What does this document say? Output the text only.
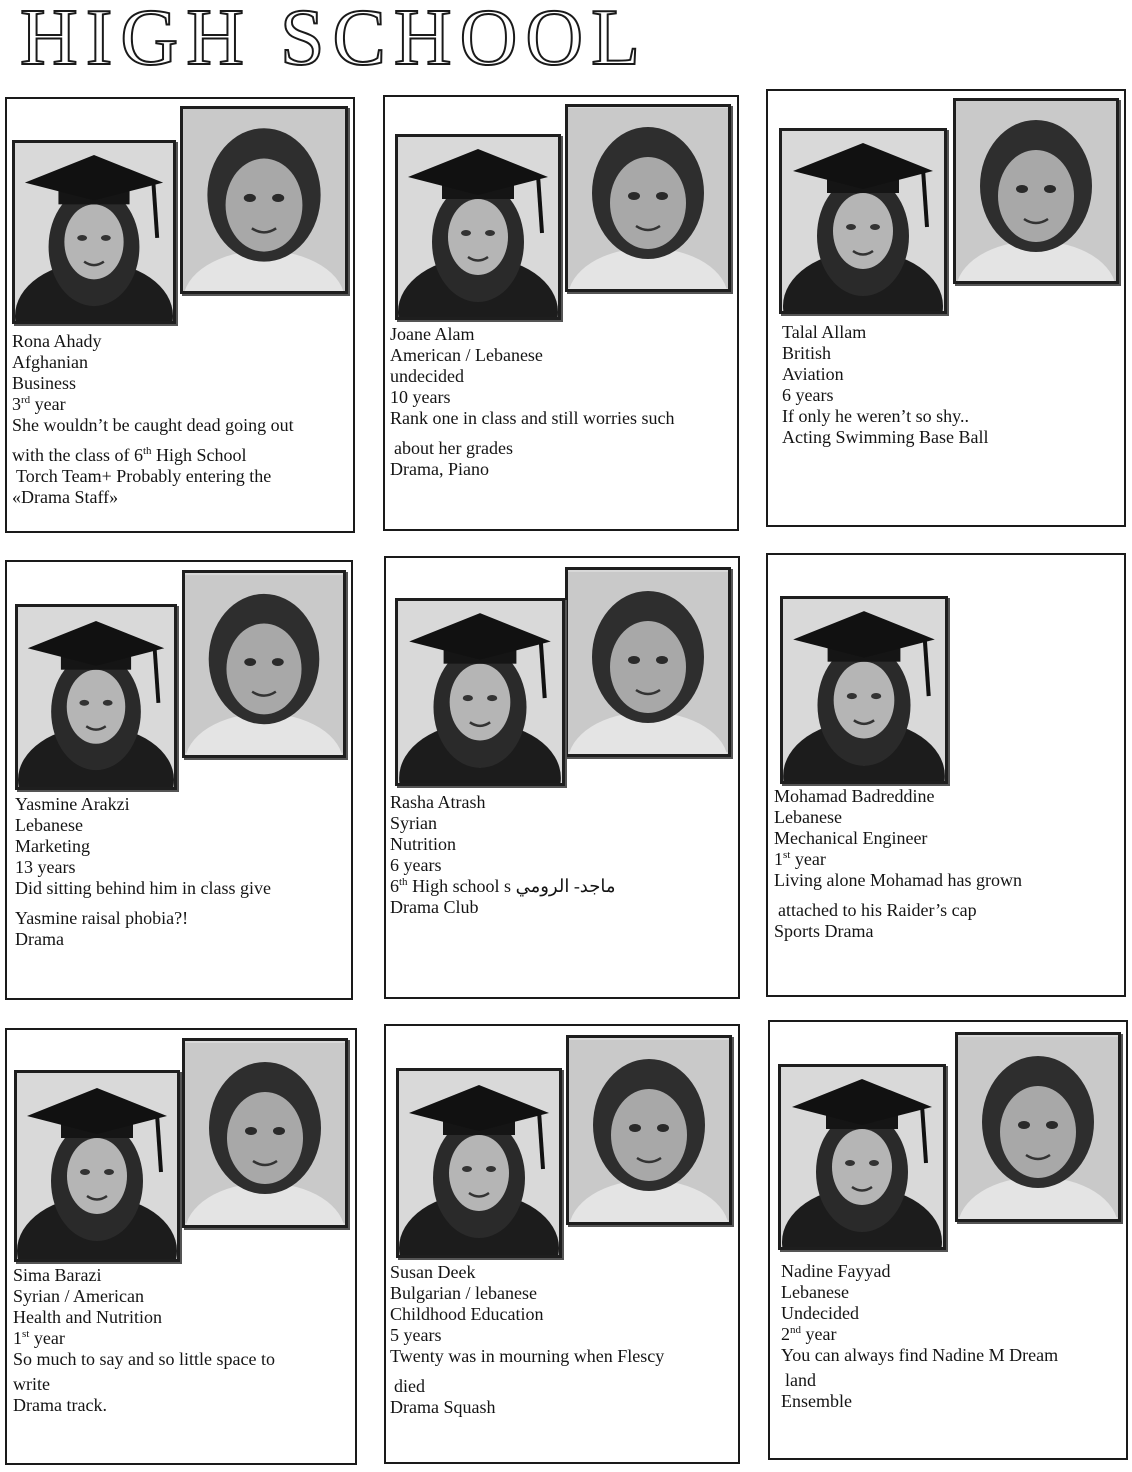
HIGH SCHOOL
Rona Ahady
Afghanian
Business
3rd year
She wouldn’t be caught dead going out
with the class of 6th High School
Torch Team+ Probably entering the
«Drama Staff»
Joane Alam
American / Lebanese
undecided
10 years
Rank one in class and still worries such
about her grades
Drama, Piano
Talal Allam
British
Aviation
6 years
If only he weren’t so shy..
Acting Swimming Base Ball
Yasmine Arakzi
Lebanese
Marketing
13 years
Did sitting behind him in class give
Yasmine raisal phobia?!
Drama
Rasha Atrash
Syrian
Nutrition
6 years
6th High school s ماجد- الرومي
Drama Club
Mohamad Badreddine
Lebanese
Mechanical Engineer
1st year
Living alone Mohamad has grown
attached to his Raider’s cap
Sports Drama
Sima Barazi
Syrian / American
Health and Nutrition
1st year
So much to say and so little space to
write
Drama track.
Susan Deek
Bulgarian / lebanese
Childhood Education
5 years
Twenty was in mourning when Flescy
died
Drama Squash
Nadine Fayyad
Lebanese
Undecided
2nd year
You can always find Nadine M Dream
land
Ensemble
